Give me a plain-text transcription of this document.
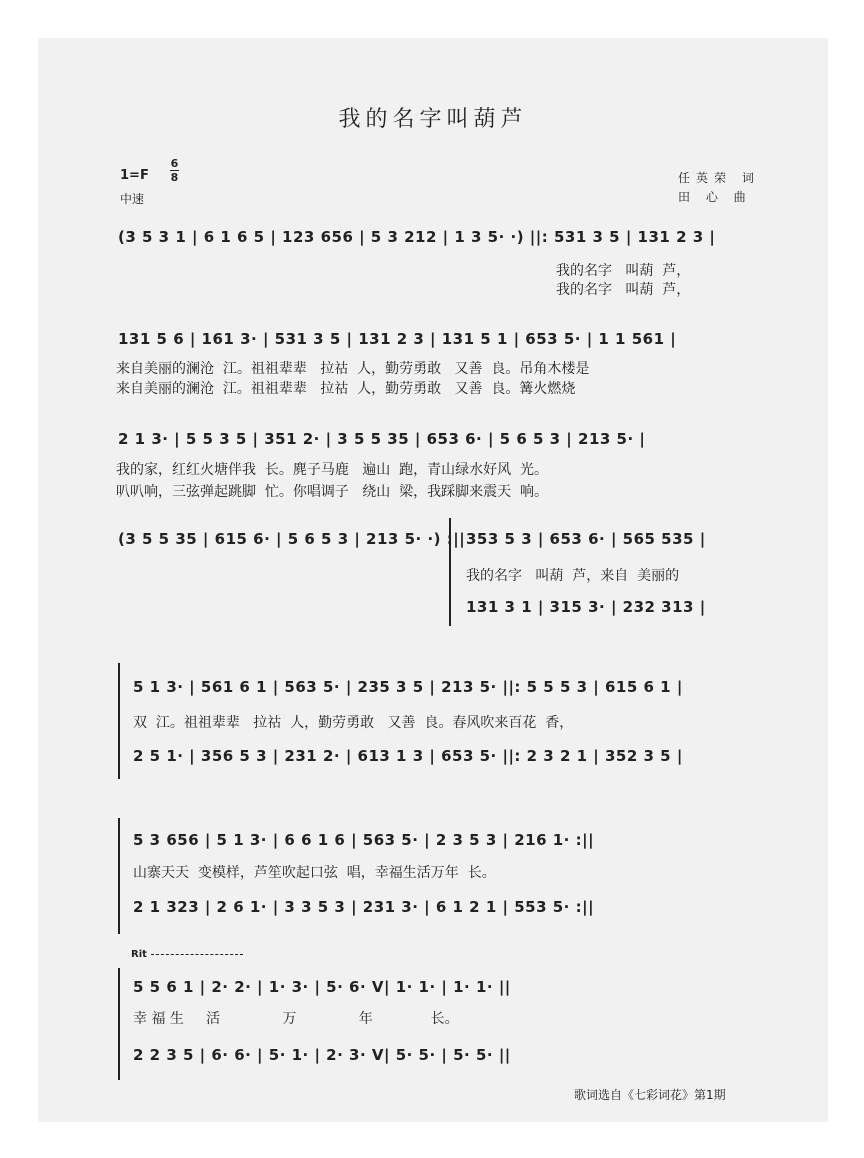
我的名字叫葫芦
1=F
6
8
中速
任英荣 词
田 心 曲
(3 5 3 1 | 6 1 6 5 | 123 656 | 5 3 212 | 1 3 5· ·) ||: 531 3 5 | 131 2 3 |
我的名字   叫葫  芦，
我的名字   叫葫  芦，
131 5 6 | 161 3· | 531 3 5 | 131 2 3 | 131 5 1 | 653 5· | 1 1 561 |
来自美丽的澜沧  江。祖祖辈辈   拉祜  人，勤劳勇敢   又善  良。吊角木楼是
来自美丽的澜沧  江。祖祖辈辈   拉祜  人，勤劳勇敢   又善  良。篝火燃烧
2 1 3· | 5 5 3 5 | 351 2· | 3 5 5 35 | 653 6· | 5 6 5 3 | 213 5· |
我的家，红红火塘伴我  长。麂子马鹿   遍山  跑，青山绿水好风  光。
叭叭响，三弦弹起跳脚  忙。你唱调子   绕山  梁，我踩脚来震天  响。
(3 5 5 35 | 615 6· | 5 6 5 3 | 213 5· ·) :|| 353 5 3 | 653 6· | 565 535 |
我的名字   叫葫  芦，来自  美丽的
131 3 1 | 315 3· | 232 313 |
5 1 3· | 561 6 1 | 563 5· | 235 3 5 | 213 5· ||: 5 5 5 3 | 615 6 1 |
双  江。祖祖辈辈   拉祜  人，勤劳勇敢   又善  良。春风吹来百花  香，
2 5 1· | 356 5 3 | 231 2· | 613 1 3 | 653 5· ||: 2 3 2 1 | 352 3 5 |
5 3 656 | 5 1 3· | 6 6 1 6 | 563 5· | 2 3 5 3 | 216 1· :||
山寨天天  变模样，芦笙吹起口弦  唱，幸福生活万年  长。
2 1 323 | 2 6 1· | 3 3 5 3 | 231 3· | 6 1 2 1 | 553 5· :||
Rit
5 5 6 1 | 2· 2· | 1· 3· | 5· 6· V| 1· 1· | 1· 1· ||
幸 福 生     活              万              年             长。
2 2 3 5 | 6· 6· | 5· 1· | 2· 3· V| 5· 5· | 5· 5· ||
歌词选自《七彩词花》第1期
